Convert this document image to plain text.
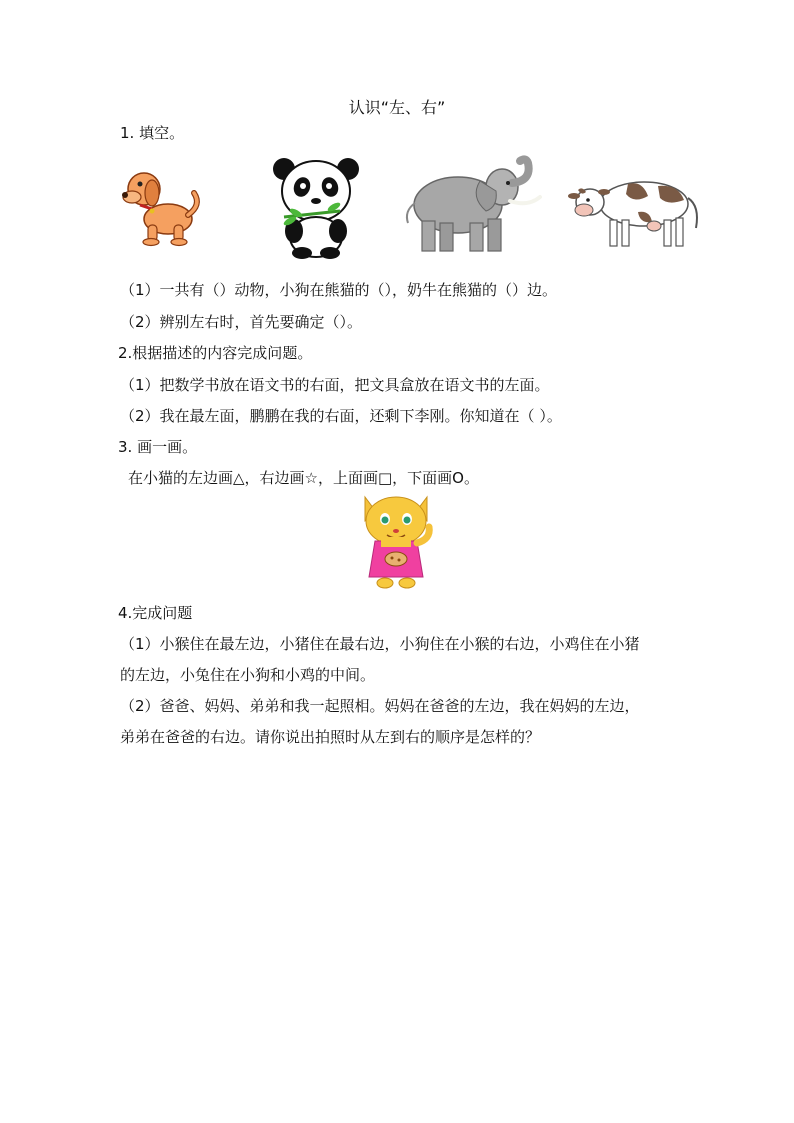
认识“左、右”
1. 填空。
（1）一共有（）动物，小狗在熊猫的（），奶牛在熊猫的（）边。
（2）辨别左右时，首先要确定（）。
2.根据描述的内容完成问题。
（1）把数学书放在语文书的右面，把文具盒放在语文书的左面。
（2）我在最左面，鹏鹏在我的右面，还剩下李刚。你知道在（ ）。
3. 画一画。
在小猫的左边画△，右边画☆，上面画□，下面画O。
4.完成问题
（1）小猴住在最左边，小猪住在最右边，小狗住在小猴的右边，小鸡住在小猪
的左边，小兔住在小狗和小鸡的中间。
（2）爸爸、妈妈、弟弟和我一起照相。妈妈在爸爸的左边，我在妈妈的左边，
弟弟在爸爸的右边。请你说出拍照时从左到右的顺序是怎样的？
